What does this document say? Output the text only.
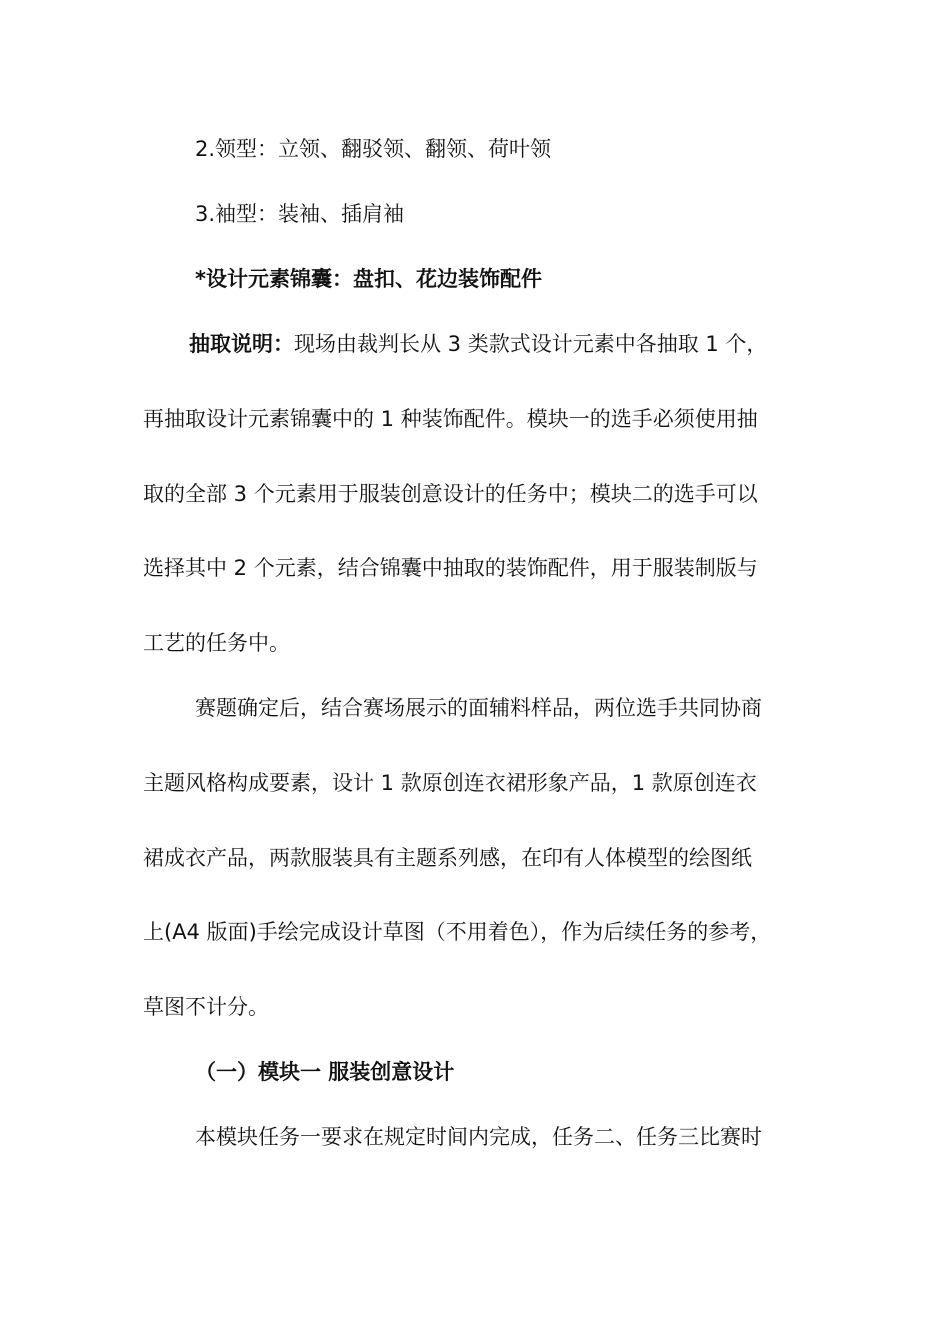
2.领型：立领、翻驳领、翻领、荷叶领
3.袖型：装袖、插肩袖
*设计元素锦囊：盘扣、花边装饰配件
抽取说明：现场由裁判长从 3 类款式设计元素中各抽取 1 个，
再抽取设计元素锦囊中的 1 种装饰配件。模块一的选手必须使用抽
取的全部 3 个元素用于服装创意设计的任务中；模块二的选手可以
选择其中 2 个元素，结合锦囊中抽取的装饰配件，用于服装制版与
工艺的任务中。
赛题确定后，结合赛场展示的面辅料样品，两位选手共同协商
主题风格构成要素，设计 1 款原创连衣裙形象产品，1 款原创连衣
裙成衣产品，两款服装具有主题系列感，在印有人体模型的绘图纸
上(A4 版面)手绘完成设计草图（不用着色），作为后续任务的参考，
草图不计分。
（一）模块一 服装创意设计
本模块任务一要求在规定时间内完成，任务二、任务三比赛时
